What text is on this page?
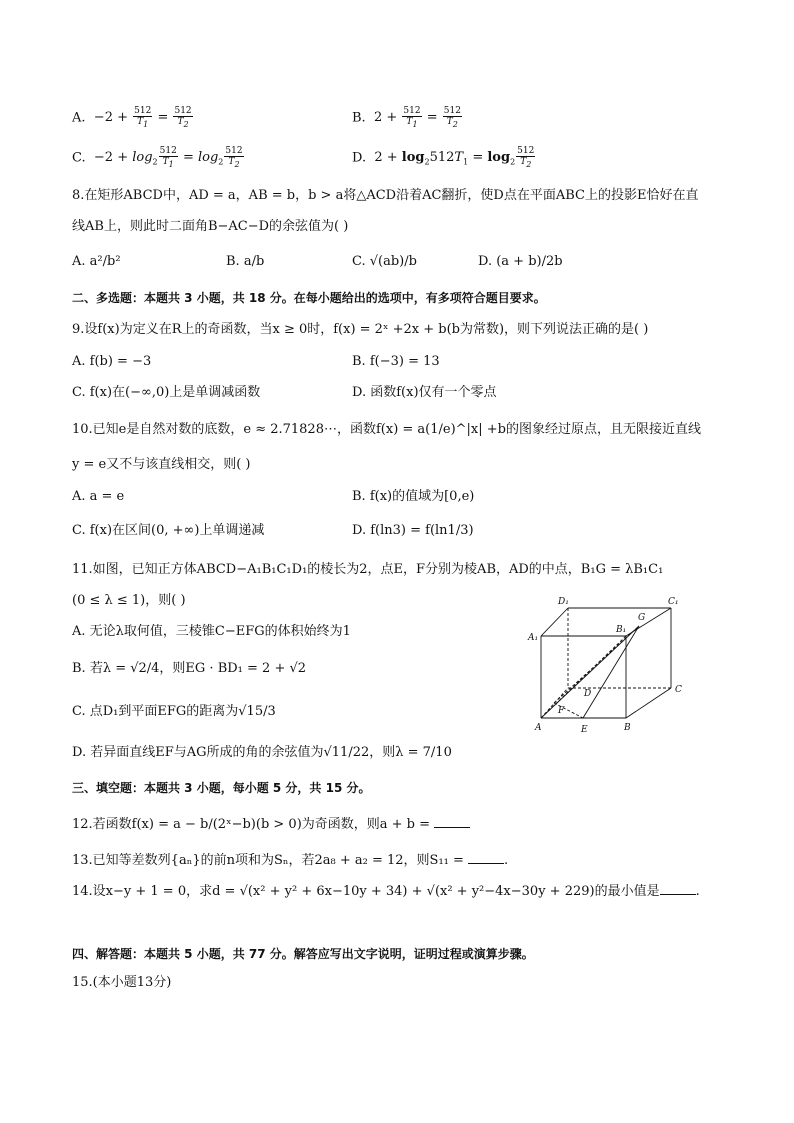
A.  $-2 + \frac{512}{T_1} = \frac{512}{T_2}$	B.  $2 + \frac{512}{T_1} = \frac{512}{T_2}$
C.  $-2 + \log_2 \frac{512}{T_1} = \log_2 \frac{512}{T_2}$	D.  $2 + \log_2512T_1 = \log_2 \frac{512}{T_2}$
8.在矩形ABCD中，AD = a，AB = b，b > a将△ACD沿着AC翻折，使D点在平面ABC上的投影E恰好在直
线AB上，则此时二面角B−AC−D的余弦值为( )
A. a²/b²	B. a/b	C. √(ab)/b	D. (a + b)/2b
二、多选题：本题共 3 小题，共 18 分。在每小题给出的选项中，有多项符合题目要求。
9.设f(x)为定义在R上的奇函数，当x ≥ 0时，f(x) = 2ˣ +2x + b(b为常数)，则下列说法正确的是( )
A. f(b) = −3	B. f(−3) = 13
C. f(x)在(−∞,0)上是单调减函数	D. 函数f(x)仅有一个零点
10.已知e是自然对数的底数，e ≈ 2.71828⋯，函数f(x) = a(1/e)^|x| +b的图象经过原点，且无限接近直线
y = e又不与该直线相交，则( )
A. a = e	B. f(x)的值域为[0,e)
C. f(x)在区间(0, +∞)上单调递减	D. f(ln3) = f(ln1/3)
11.如图，已知正方体ABCD−A₁B₁C₁D₁的棱长为2，点E，F分别为棱AB，AD的中点，B₁G = λB₁C₁
(0 ≤ λ ≤ 1)，则( )
A. 无论λ取何值，三棱锥C−EFG的体积始终为1
B. 若λ = √2/4，则EG · BD₁ = 2 + √2
C. 点D₁到平面EFG的距离为√15/3
D. 若异面直线EF与AG所成的角的余弦值为√11/22，则λ = 7/10
D₁	C₁
A₁
B₁
G
D	C
F
A	E	B
三、填空题：本题共 3 小题，每小题 5 分，共 15 分。
12.若函数f(x) = a − b/(2ˣ−b)(b > 0)为奇函数，则a + b =
13.已知等差数列{aₙ}的前n项和为Sₙ，若2a₈ + a₂ = 12，则S₁₁ =	.
14.设x−y + 1 = 0，求d = √(x² + y² + 6x−10y + 34) + √(x² + y²−4x−30y + 229)的最小值是	.
四、解答题：本题共 5 小题，共 77 分。解答应写出文字说明，证明过程或演算步骤。
15.(本小题13分)
